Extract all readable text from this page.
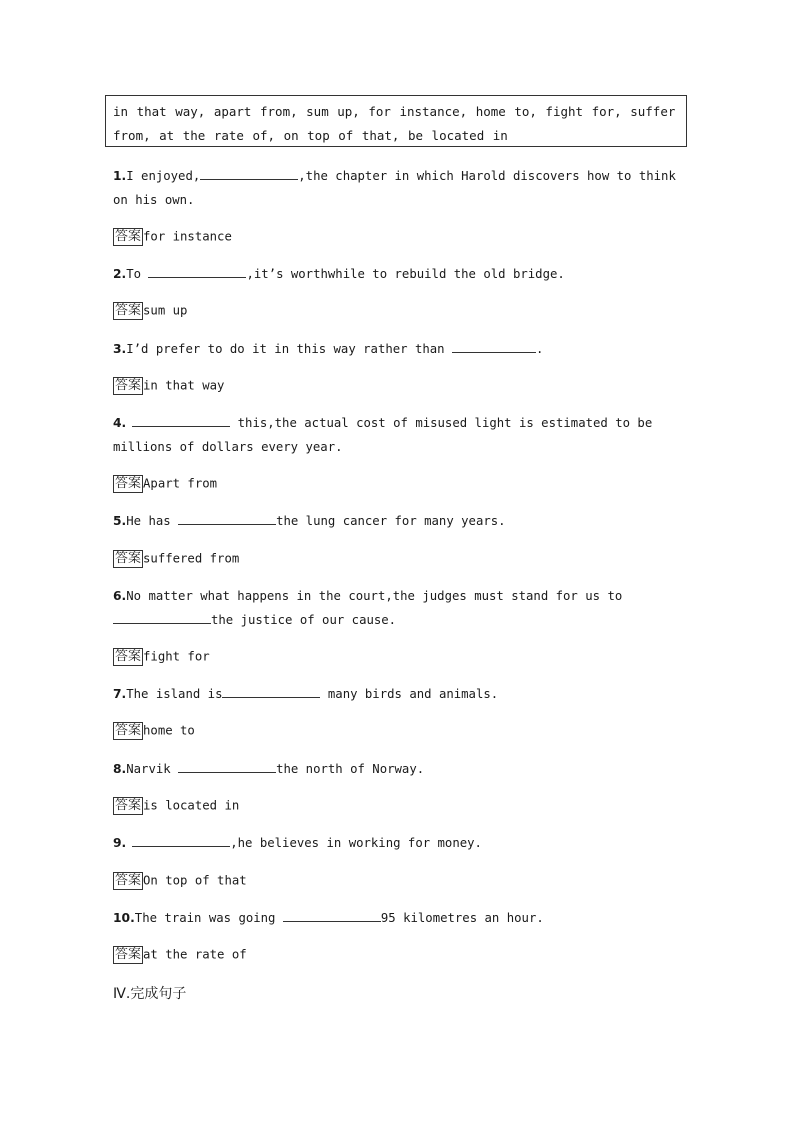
in that way, apart from, sum up, for instance, home to, fight for, suffer from, at the rate of, on top of that, be located in
1.I enjoyed,	,the chapter in which Harold discovers how to think on his own.
答案 for instance
2.To	,it’s worthwhile to rebuild the old bridge.
答案 sum up
3.I’d prefer to do it in this way rather than	.
答案 in that way
4.	this,the actual cost of misused light is estimated to be millions of dollars every year.
答案 Apart from
5.He has	the lung cancer for many years.
答案 suffered from
6.No matter what happens in the court,the judges must stand for us to the justice of our cause.
答案 fight for
7.The island is	many birds and animals.
答案 home to
8.Narvik	the north of Norway.
答案 is located in
9.	,he believes in working for money.
答案 On top of that
10.The train was going	95 kilometres an hour.
答案 at the rate of
Ⅳ.完成句子
